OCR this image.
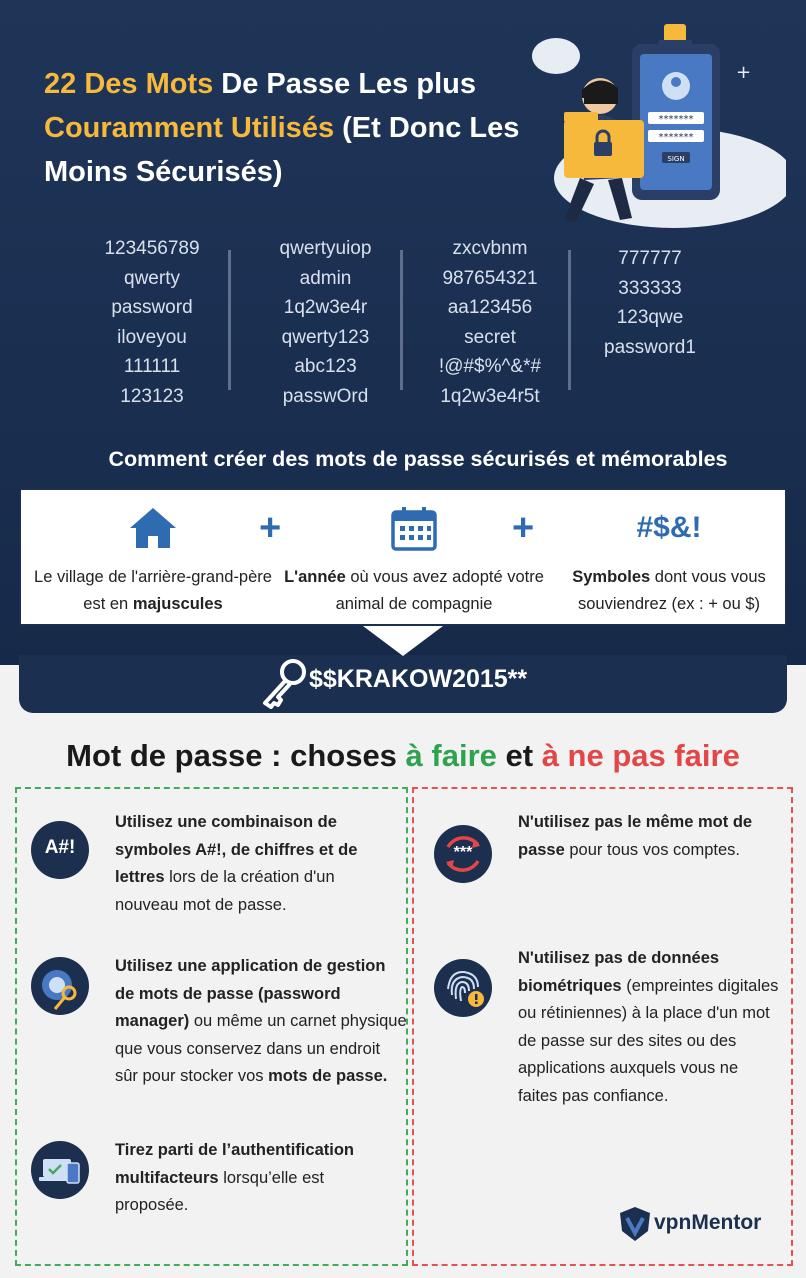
22 Des Mots De Passe Les plus Couramment Utilisés (Et Donc Les Moins Sécurisés)
*******
*******
SIGN
+
123456789
qwerty
password
iloveyou
111111
123123
qwertyuiop
admin
1q2w3e4r
qwerty123
abc123
passwOrd
zxcvbnm
987654321
aa123456
secret
!@#$%^&*#
1q2w3e4r5t
777777
333333
123qwe
password1
Comment créer des mots de passe sécurisés et mémorables
Le village de l'arrière-grand-père est en majuscules
+
L'année où vous avez adopté votre animal de compagnie
+	#$&!
Symboles dont vous vous souviendrez (ex : + ou $)
$$KRAKOW2015**
Mot de passe : choses à faire et à ne pas faire
A#!
Utilisez une combinaison de symboles A#!, de chiffres et de lettres lors de la création d'un nouveau mot de passe.
Utilisez une application de gestion de mots de passe (password manager) ou même un carnet physique que vous conservez dans un endroit sûr pour stocker vos mots de passe.
Tirez parti de l’authentification multifacteurs lorsqu’elle est proposée.
***
N'utilisez pas le même mot de passe pour tous vos comptes.
N'utilisez pas de données biométriques (empreintes digitales ou rétiniennes) à la place d'un mot de passe sur des sites ou des applications auxquels vous ne faites pas confiance.
vpnMentor
